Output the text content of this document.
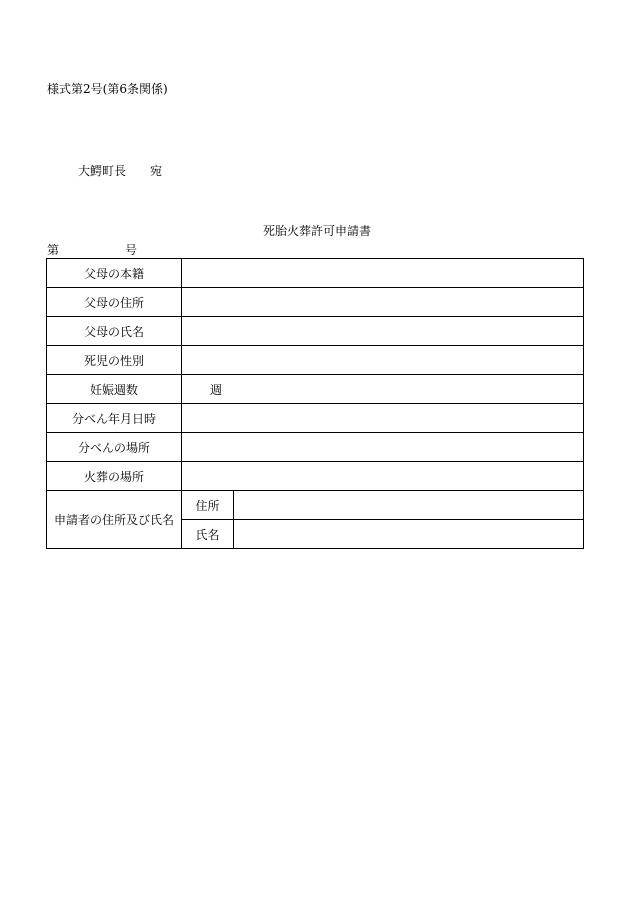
様式第2号(第6条関係)
大鰐町長 宛
死胎火葬許可申請書
第	号
父母の本籍		
父母の住所		
父母の氏名		
死児の性別		
妊娠週数	週	
分べん年月日時		
分べんの場所		
火葬の場所		
申請者の住所及び氏名	住所	
	氏名	
